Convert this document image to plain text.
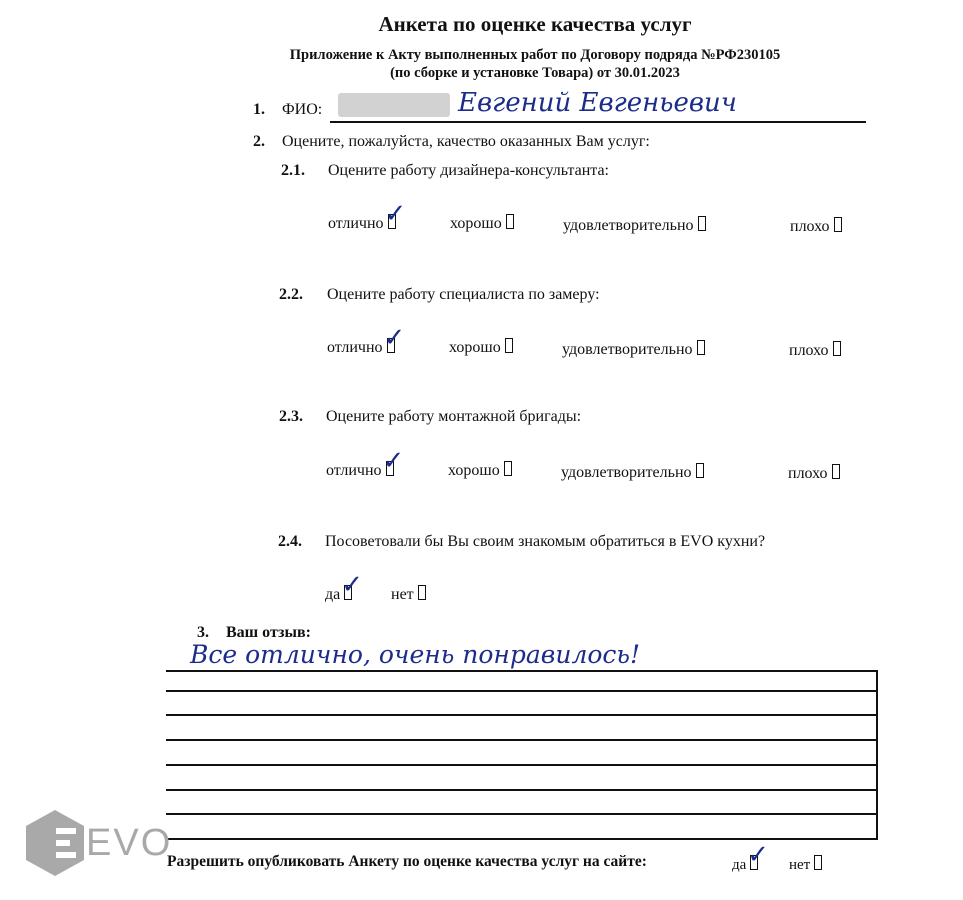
Анкета по оценке качества услуг
Приложение к Акту выполненных работ по Договору подряда №РФ230105
(по сборке и установке Товара) от 30.01.2023
1. ФИО:	Евгений Евгеньевич
2. Оцените, пожалуйста, качество оказанных Вам услуг:
2.1. Оцените работу дизайнера-консультанта:
отлично ✓	хорошо	удовлетворительно	плохо
2.2. Оцените работу специалиста по замеру:
отлично ✓	хорошо	удовлетворительно	плохо
2.3. Оцените работу монтажной бригады:
отлично ✓	хорошо	удовлетворительно	плохо
2.4. Посоветовали бы Вы своим знакомым обратиться в EVO кухни?
да ✓ нет
3. Ваш отзыв:
Все отлично, очень понравилось!
Разрешить опубликовать Анкету по оценке качества услуг на сайте:	да ✓ нет
EVO
